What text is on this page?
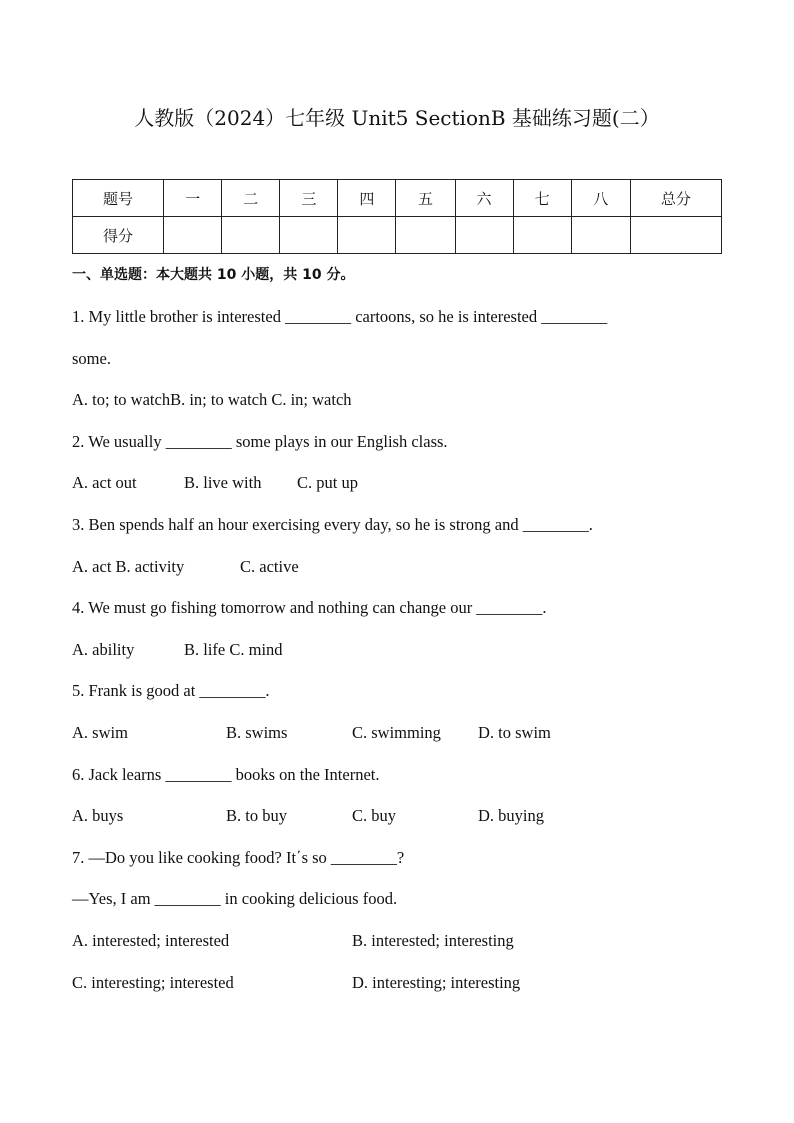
人教版（2024）七年级 Unit5 SectionB 基础练习题(二）
题号	一	二	三	四	五	六	七	八	总分
得分									
一、单选题：本大题共 10 小题，共 10 分。
1. My little brother is interested ________ cartoons, so he is interested ________
some.
A. to; to watchB. in; to watch C. in; watch
2. We usually ________ some plays in our English class.
A. act out	B. live with C. put up
3. Ben spends half an hour exercising every day, so he is strong and ________.
A. act B. activity	C. active
4. We must go fishing tomorrow and nothing can change our ________.
A. ability	B. life C. mind
5. Frank is good at ________.
A. swim	B. swims	C. swimming D. to swim
6. Jack learns ________ books on the Internet.
A. buys	B. to buy	C. buy	D. buying
7. —Do you like cooking food? It΄s so ________?
—Yes, I am ________ in cooking delicious food.
A. interested; interested	B. interested; interesting
C. interesting; interested	D. interesting; interesting
